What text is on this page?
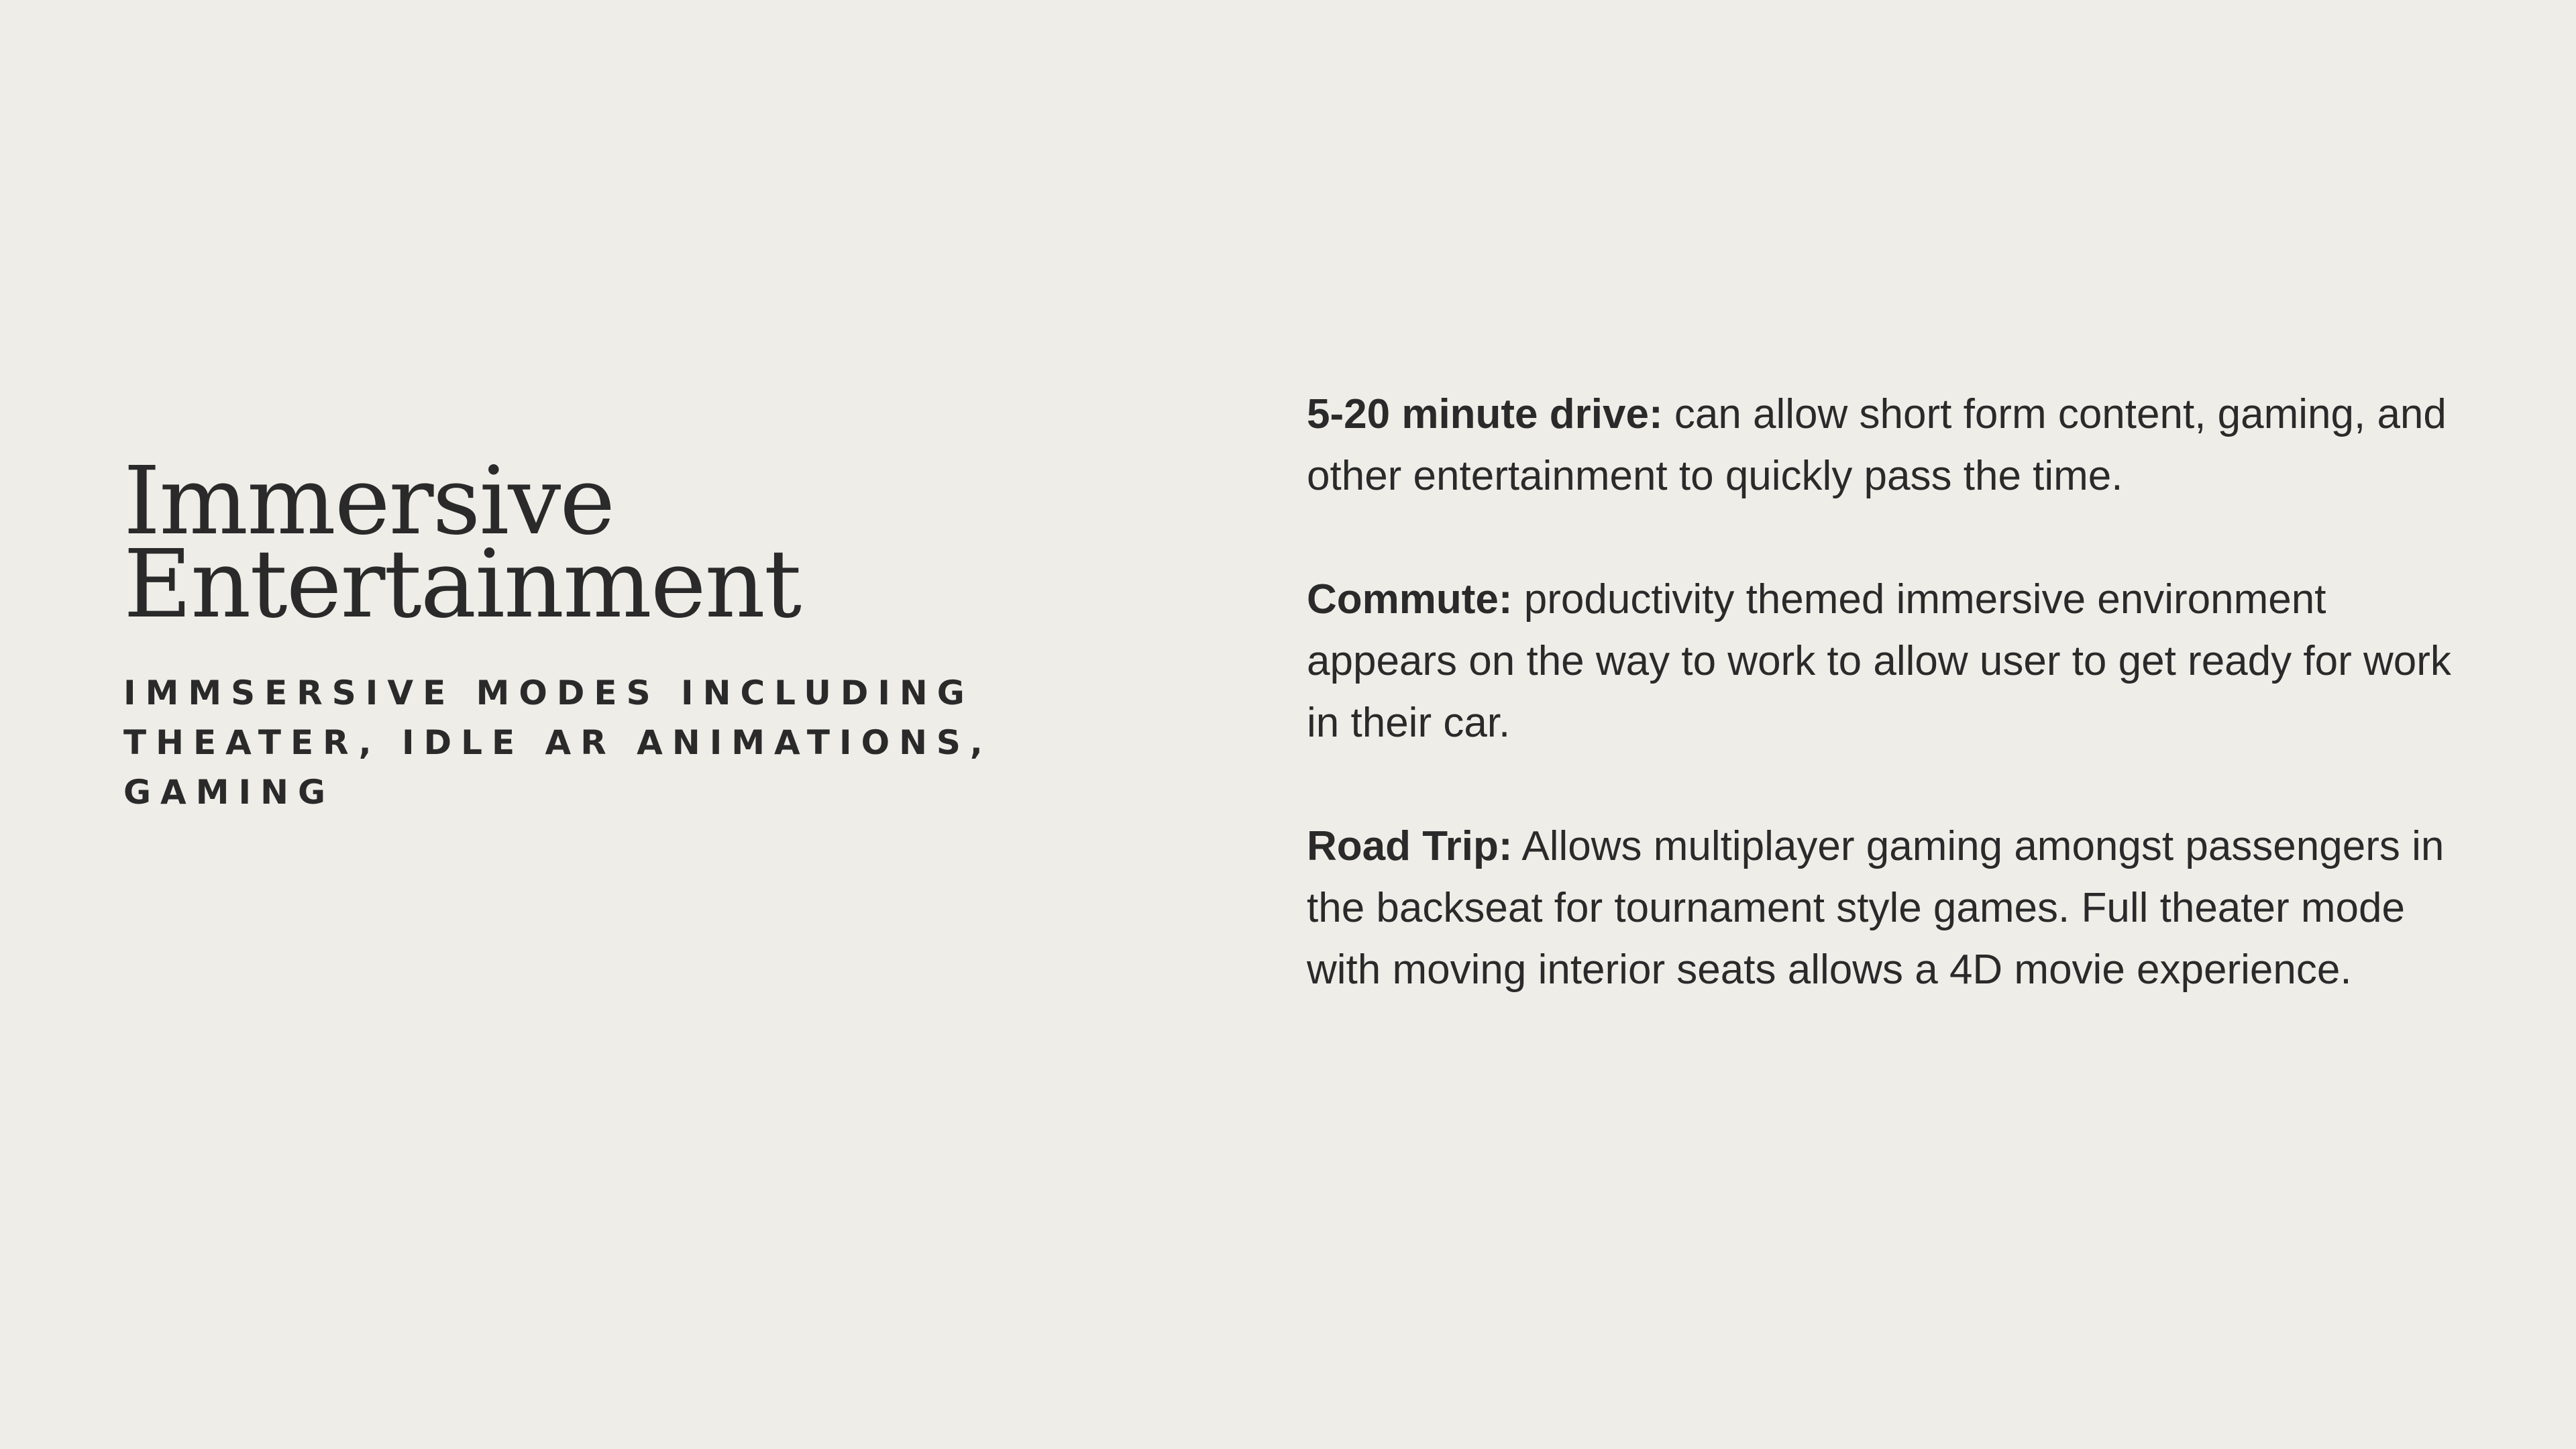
Immersive
Entertainment
IMMSERSIVE MODES INCLUDING THEATER, IDLE AR ANIMATIONS, GAMING

5-20 minute drive: can allow short form content, gaming, and other entertainment to quickly pass the time.

Commute: productivity themed immersive environment appears on the way to work to allow user to get ready for work in their car.

Road Trip: Allows multiplayer gaming amongst passengers in the backseat for tournament style games. Full theater mode with moving interior seats allows a 4D movie experience.
